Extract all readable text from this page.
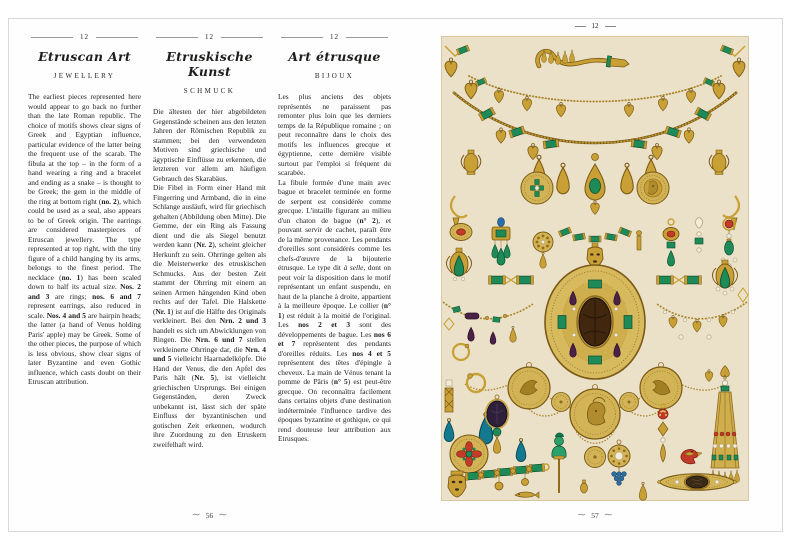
12
Etruscan Art
JEWELLERY

The earliest pieces represented here would appear to go back no further than the late Roman republic. The choice of motifs shows clear signs of Greek and Egyptian influence, particular evidence of the latter being the frequent use of the scarab. The fibula at the top – in the form of a hand wearing a ring and a bracelet and ending as a snake – is thought to be Greek; the gem in the middle of the ring at bottom right (no. 2), which could be used as a seal, also appears to be of Greek origin. The earrings are considered masterpieces of Etruscan jewellery. The type represented at top right, with the tiny figure of a child hanging by its arms, belongs to the finest period. The necklace (no. 1) has been scaled down to half its actual size. Nos. 2 and 3 are rings; nos. 6 and 7 represent earrings, also reduced in scale. Nos. 4 and 5 are hairpin heads; the latter (a hand of Venus holding Paris' apple) may be Greek. Some of the other pieces, the purpose of which is less obvious, show clear signs of later Byzantine and even Gothic influence, which casts doubt on their Etruscan attribution.

12
Etruskische Kunst
SCHMUCK

Die ältesten der hier abgebildeten Gegenstände scheinen aus den letzten Jahren der Römischen Republik zu stammen; bei den verwendeten Motiven sind griechische und ägyptische Einflüsse zu erkennen, die letzteren vor allem am häufigen Gebrauch des Skarabäus.

Die Fibel in Form einer Hand mit Fingerring und Armband, die in eine Schlange ausläuft, wird für griechisch gehalten (Abbildung oben Mitte). Die Gemme, der ein Ring als Fassung dient und die als Siegel benutzt werden kann (Nr. 2), scheint gleicher Herkunft zu sein. Ohrringe gelten als die Meisterwerke des etruskischen Schmucks. Aus der besten Zeit stammt der Ohrring mit einem an seinen Armen hängenden Kind oben rechts auf der Tafel. Die Halskette (Nr. 1) ist auf die Hälfte des Originals verkleinert. Bei den Nrn. 2 und 3 handelt es sich um Abwicklungen von Ringen. Die Nrn. 6 und 7 stellen verkleinerte Ohrringe dar, die Nrn. 4 und 5 vielleicht Haarnadelköpfe. Die Hand der Venus, die den Apfel des Paris hält (Nr. 5), ist vielleicht griechischen Ursprungs. Bei einigen Gegenständen, deren Zweck unbekannt ist, lässt sich der späte Einfluss der byzantinischen und gotischen Zeit erkennen, wodurch ihre Zuordnung zu den Etruskern zweifelhaft wird.

12
Art étrusque
BIJOUX

Les plus anciens des objets représentés ne paraissent pas remonter plus loin que les derniers temps de la République romaine ; on peut reconnaître dans le choix des motifs les influences grecque et égyptienne, cette dernière visible surtout par l'emploi si fréquent du scarabée.

La fibule formée d'une main avec bague et bracelet terminée en forme de serpent est considérée comme grecque. L'intaille figurant au milieu d'un chaton de bague (n° 2), et pouvant servir de cachet, paraît être de la même provenance. Les pendants d'oreilles sont considérés comme les chefs-d'œuvre de la bijouterie étrusque. Le type dit à selle, dont on peut voir la disposition dans le motif représentant un enfant suspendu, en haut de la planche à droite, appartient à la meilleure époque. Le collier (n° 1) est réduit à la moitié de l'original. Les nos 2 et 3 sont des développements de bague. Les nos 6 et 7 représentent des pendants d'oreilles réduits. Les nos 4 et 5 représentent des têtes d'épingle à cheveux. La main de Vénus tenant la pomme de Pâris (n° 5) est peut-être grecque. On reconnaîtra facilement dans certains objets d'une destination indéterminée l'influence tardive des époques byzantine et gothique, ce qui rend douteuse leur attribution aux Etrusques.

∼ 56 ∼
12
∼ 57 ∼
